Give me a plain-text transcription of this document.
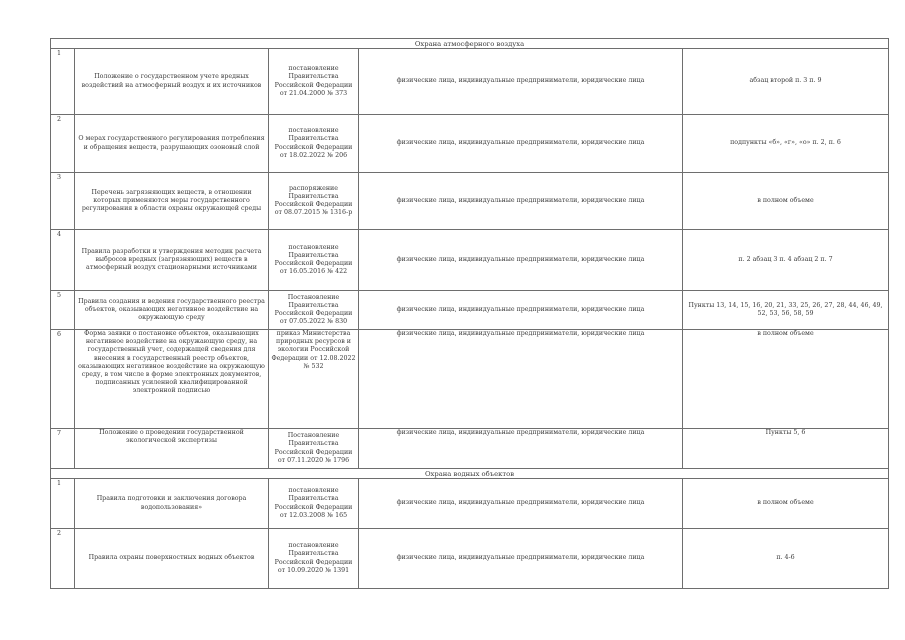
Охрана атмосферного воздуха				
1	Положение о государственном учете вредных воздействий на атмосферный воздух и их источников	постановление Правительства Российской Федерации от 21.04.2000 № 373	физические лица, индивидуальные предприниматели, юридические лица	абзац второй п. 3 п. 9
2	О мерах государственного регулирования потребления и обращения веществ, разрушающих озоновый слой	постановление Правительства Российской Федерации от 18.02.2022 № 206	физические лица, индивидуальные предприниматели, юридические лица	подпункты «б», «г», «о» п. 2, п. 6
3	Перечень загрязняющих веществ, в отношении которых применяются меры государственного регулирования в области охраны окружающей среды	распоряжение Правительства Российской Федерации от 08.07.2015 № 1316-р	физические лица, индивидуальные предприниматели, юридические лица	в полном объеме
4	Правила разработки и утверждения методик расчета выбросов вредных (загрязняющих) веществ в атмосферный воздух стационарными источниками	постановление Правительства Российской Федерации от 16.05.2016 № 422	физические лица, индивидуальные предприниматели, юридические лица	п. 2 абзац 3 п. 4 абзац 2 п. 7
5	Правила создания и ведения государственного реестра объектов, оказывающих негативное воздействие на окружающую среду	Постановление Правительства Российской Федерации от 07.05.2022 № 830	физические лица, индивидуальные предприниматели, юридические лица	Пункты 13, 14, 15, 16, 20, 21, 33, 25, 26, 27, 28, 44, 46, 49, 52, 53, 56, 58, 59
6	Форма заявки о постановке объектов, оказывающих негативное воздействие на окружающую среду, на государственный учет, содержащей сведения для внесения в государственный реестр объектов, оказывающих негативное воздействие на окружающую среду, в том числе в форме электронных документов, подписанных усиленной квалифицированной электронной подписью	приказ Министерства природных ресурсов и экологии Российской Федерации от 12.08.2022 № 532	физические лица, индивидуальные предприниматели, юридические лица	в полном объеме
7	Положение о проведении государственной экологической экспертизы	Постановление Правительства Российской Федерации от 07.11.2020 № 1796	физические лица, индивидуальные предприниматели, юридические лица	Пункты 5, 6
Охрана водных объектов				
1	Правила подготовки и заключения договора водопользования»	постановление Правительства Российской Федерации от 12.03.2008 № 165	физические лица, индивидуальные предприниматели, юридические лица	в полном объеме
2	Правила охраны поверхностных водных объектов	постановление Правительства Российской Федерации от 10.09.2020 № 1391	физические лица, индивидуальные предприниматели, юридические лица	п. 4-6
